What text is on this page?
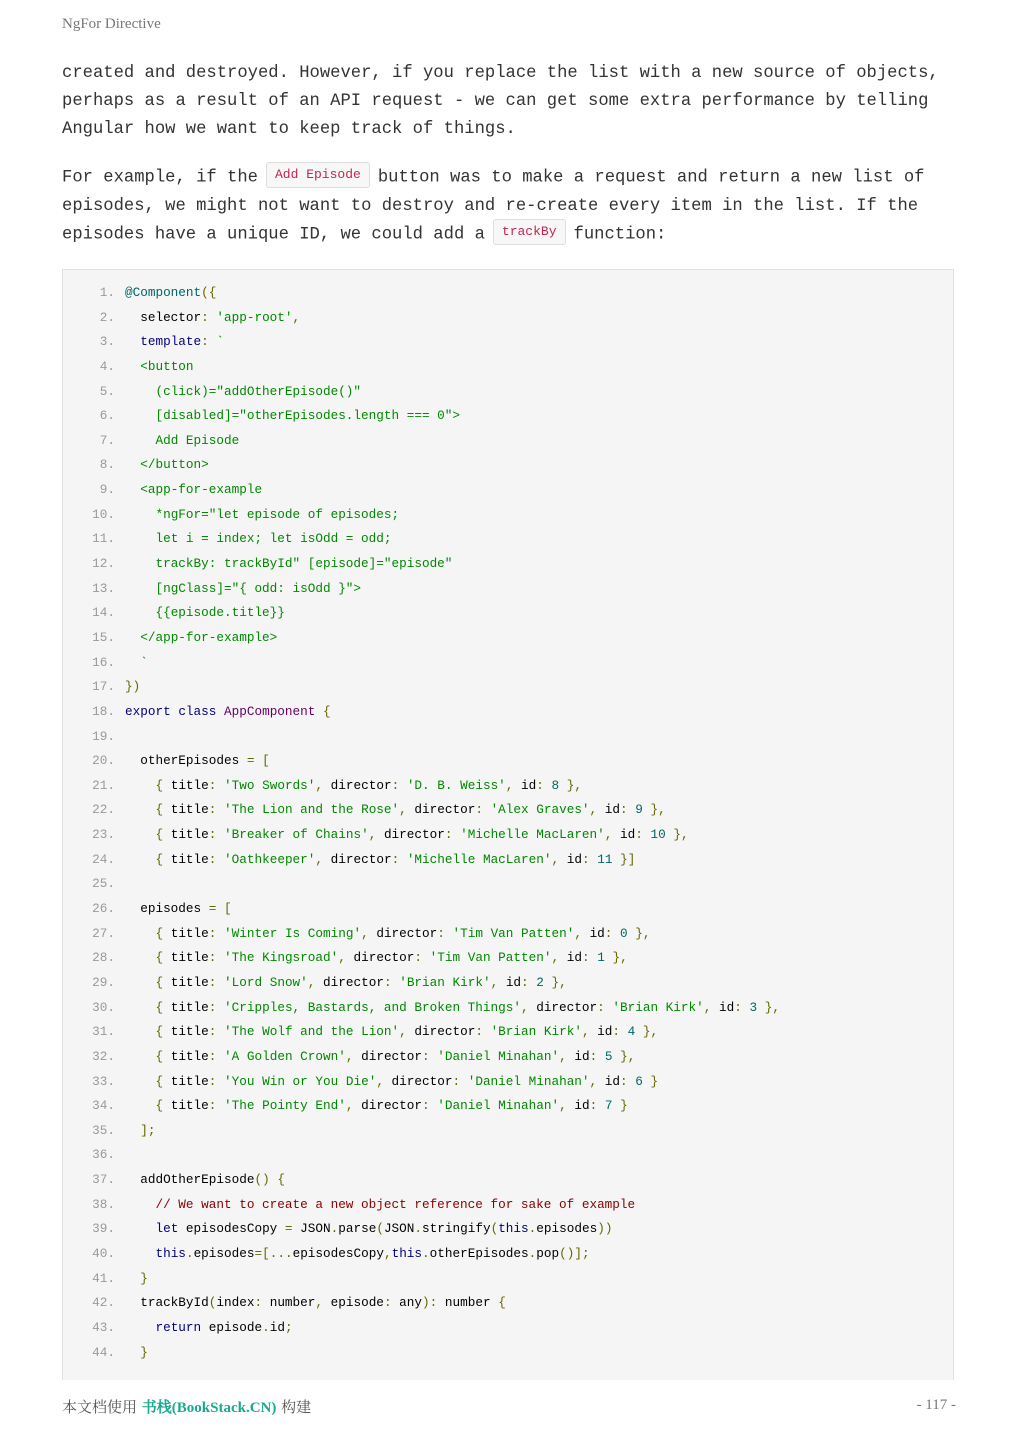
NgFor Directive

created and destroyed. However, if you replace the list with a new source of objects, perhaps as a result of an API request - we can get some extra performance by telling Angular how we want to keep track of things.

For example, if the Add Episode button was to make a request and return a new list of episodes, we might not want to destroy and re-create every item in the list. If the episodes have a unique ID, we could add a trackBy function:

1. @Component({
2. selector: 'app-root',
3.	template: `
4.	<button
5.	(click)="addOtherEpisode()"
6.	[disabled]="otherEpisodes.length === 0">
7.	Add Episode
8.	</button>
9.	<app-for-example
10.	*ngFor="let episode of episodes;
11.	let i = index; let isOdd = odd;
12.	trackBy: trackById" [episode]="episode"
13.	[ngClass]="{ odd: isOdd }">
14.	{{episode.title}}
15.	</app-for-example>
16.	`
17. })
18. export class AppComponent {
19.
20. otherEpisodes = [
21.	{ title: 'Two Swords', director: 'D. B. Weiss', id: 8 },
22.	{ title: 'The Lion and the Rose', director: 'Alex Graves', id: 9 },
23.	{ title: 'Breaker of Chains', director: 'Michelle MacLaren', id: 10 },
24.	{ title: 'Oathkeeper', director: 'Michelle MacLaren', id: 11 }]
25.
26. episodes = [
27.	{ title: 'Winter Is Coming', director: 'Tim Van Patten', id: 0 },
28.	{ title: 'The Kingsroad', director: 'Tim Van Patten', id: 1 },
29.	{ title: 'Lord Snow', director: 'Brian Kirk', id: 2 },
30.	{ title: 'Cripples, Bastards, and Broken Things', director: 'Brian Kirk', id: 3 },
31.	{ title: 'The Wolf and the Lion', director: 'Brian Kirk', id: 4 },
32.	{ title: 'A Golden Crown', director: 'Daniel Minahan', id: 5 },
33.	{ title: 'You Win or You Die', director: 'Daniel Minahan', id: 6 }
34.	{ title: 'The Pointy End', director: 'Daniel Minahan', id: 7 }
35.	];
36.
37. addOtherEpisode() {
38.	// We want to create a new object reference for sake of example
39.	let episodesCopy = JSON.parse(JSON.stringify(this.episodes))
40.	this.episodes=[...episodesCopy,this.otherEpisodes.pop()];
41.	}
42. trackById(index: number, episode: any): number {
43.	return episode.id;
44.	}
本文档使用 书栈(BookStack.CN) 构建	- 117 -
